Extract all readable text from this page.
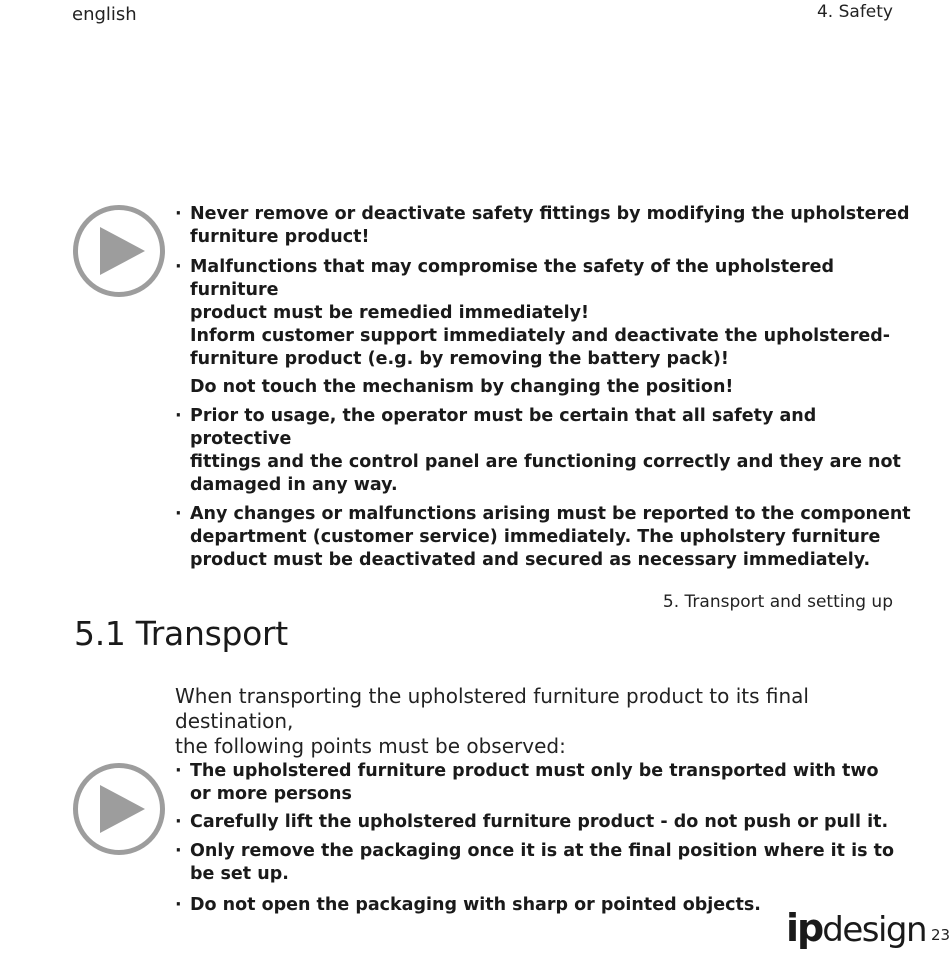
english	4. Safety
· Never remove or deactivate safety fittings by modifying the upholstered
furniture product!
· Malfunctions that may compromise the safety of the upholstered furniture
product must be remedied immediately!
Inform customer support immediately and deactivate the upholstered-
furniture product (e.g. by removing the battery pack)!
Do not touch the mechanism by changing the position!
· Prior to usage, the operator must be certain that all safety and protective
fittings and the control panel are functioning correctly and they are not
damaged in any way.
· Any changes or malfunctions arising must be reported to the component
department (customer service) immediately. The upholstery furniture
product must be deactivated and secured as necessary immediately.
5. Transport and setting up
5.1 Transport
When transporting the upholstered furniture product to its final destination,
the following points must be observed:
· The upholstered furniture product must only be transported with two
or more persons
· Carefully lift the upholstered furniture product - do not push or pull it.
· Only remove the packaging once it is at the final position where it is to
be set up.
· Do not open the packaging with sharp or pointed objects.
ipdesign 23
